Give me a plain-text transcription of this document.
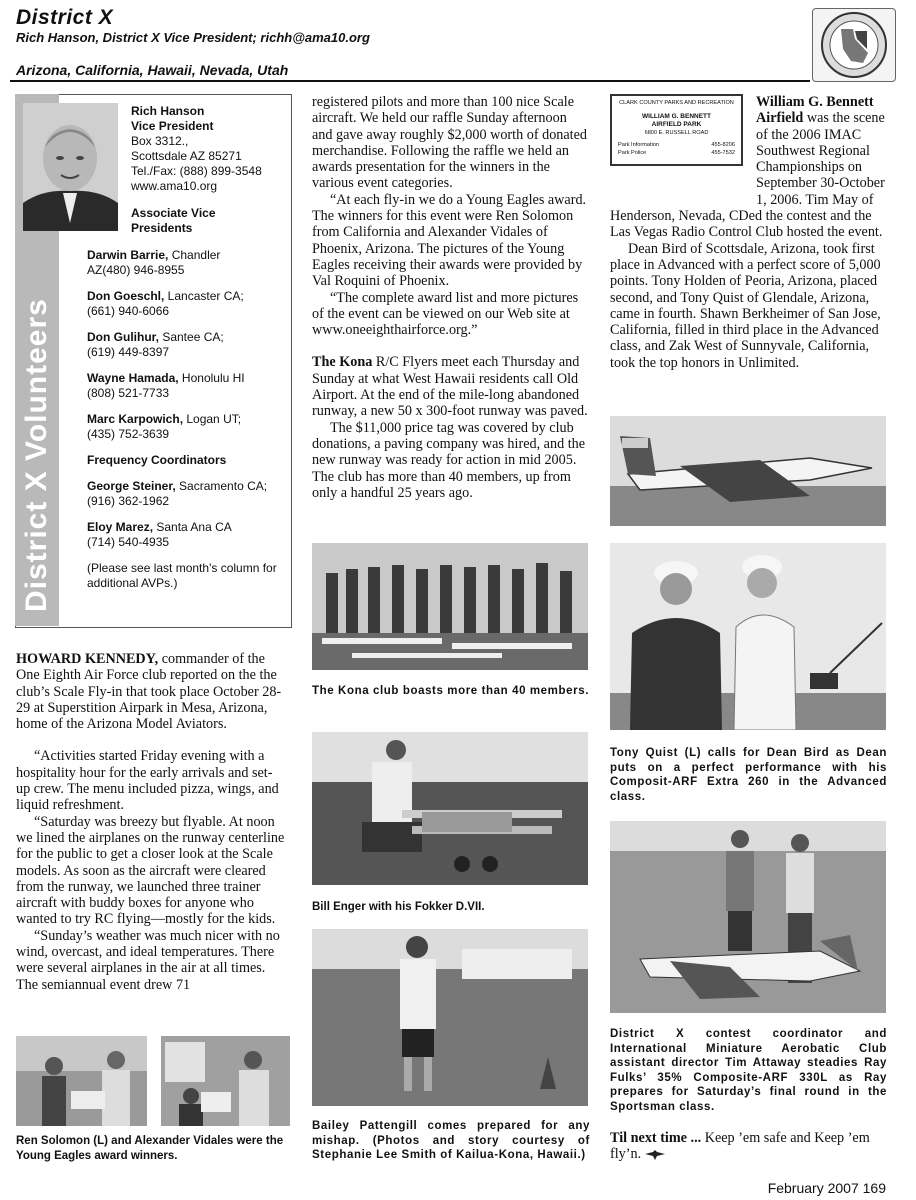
District X
Rich Hanson, District X Vice President; richh@ama10.org
Arizona, California, Hawaii, Nevada, Utah
District X Volunteers
Rich Hanson
Vice President
Box 3312.,
Scottsdale AZ 85271
Tel./Fax: (888) 899-3548
www.ama10.org
Associate Vice Presidents
Darwin Barrie, Chandler
AZ(480) 946-8955
Don Goeschl, Lancaster CA;
(661) 940-6066
Don Gulihur, Santee CA;
(619) 449-8397
Wayne Hamada, Honolulu HI
(808) 521-7733
Marc Karpowich, Logan UT;
(435) 752-3639
Frequency Coordinators
George Steiner, Sacramento CA;
(916) 362-1962
Eloy Marez, Santa Ana CA
(714) 540-4935
(Please see last month's column for additional AVPs.)

HOWARD KENNEDY, commander of the One Eighth Air Force club reported on the the club’s Scale Fly-in that took place October 28-29 at Superstition Airpark in Mesa, Arizona, home of the Arizona Model Aviators.

“Activities started Friday evening with a hospitality hour for the early arrivals and set-up crew. The menu included pizza, wings, and liquid refreshment.

“Saturday was breezy but flyable. At noon we lined the airplanes on the runway centerline for the public to get a closer look at the Scale models. As soon as the aircraft were cleared from the runway, we launched three trainer aircraft with buddy boxes for anyone who wanted to try RC flying—mostly for the kids.

“Sunday’s weather was much nicer with no wind, overcast, and ideal temperatures. There were several airplanes in the air at all times. The semiannual event drew 71

Ren Solomon (L) and Alexander Vidales were the Young Eagles award winners.

registered pilots and more than 100 nice Scale aircraft. We held our raffle Sunday afternoon and gave away roughly $2,000 worth of donated merchandise. Following the raffle we held an awards presentation for the winners in the various event categories.

“At each fly-in we do a Young Eagles award. The winners for this event were Ren Solomon from California and Alexander Vidales of Phoenix, Arizona. The pictures of the Young Eagles receiving their awards were provided by Val Roquini of Phoenix.

“The complete award list and more pictures of the event can be viewed on our Web site at www.oneeighthairforce.org.”

The Kona R/C Flyers meet each Thursday and Sunday at what West Hawaii residents call Old Airport. At the end of the mile-long abandoned runway, a new 50 x 300-foot runway was paved.

The $11,000 price tag was covered by club donations, a paving company was hired, and the new runway was ready for action in mid 2005. The club has more than 40 members, up from only a handful 25 years ago.

The Kona club boasts more than 40 members.
Bill Enger with his Fokker D.VII.
Bailey Pattengill comes prepared for any mishap. (Photos and story courtesy of Stephanie Lee Smith of Kailua-Kona, Hawaii.)
CLARK COUNTY PARKS AND RECREATION
WILLIAM G. BENNETT
AIRFIELD PARK
6800 E. RUSSELL ROAD
Park Information	455-8206
Park Police	455-7532

William G. Bennett Airfield was the scene of the 2006 IMAC Southwest Regional Championships on September 30-October 1, 2006. Tim May of Henderson, Nevada, CDed the contest and the Las Vegas Radio Control Club hosted the event.

Dean Bird of Scottsdale, Arizona, took first place in Advanced with a perfect score of 5,000 points. Tony Holden of Peoria, Arizona, placed second, and Tony Quist of Glendale, Arizona, came in fourth. Shawn Berkheimer of San Jose, California, filled in third place in the Advanced class, and Zak West of Sunnyvale, California, took the top honors in Unlimited.

Tony Quist (L) calls for Dean Bird as Dean puts on a perfect performance with his Composit-ARF Extra 260 in the Advanced class.
District X contest coordinator and International Miniature Aerobatic Club assistant director Tim Attaway steadies Ray Fulks’ 35% Composite-ARF 330L as Ray prepares for Saturday’s final round in the Sportsman class.

Til next time ... Keep ’em safe and Keep ’em fly’n.

February 2007 169
